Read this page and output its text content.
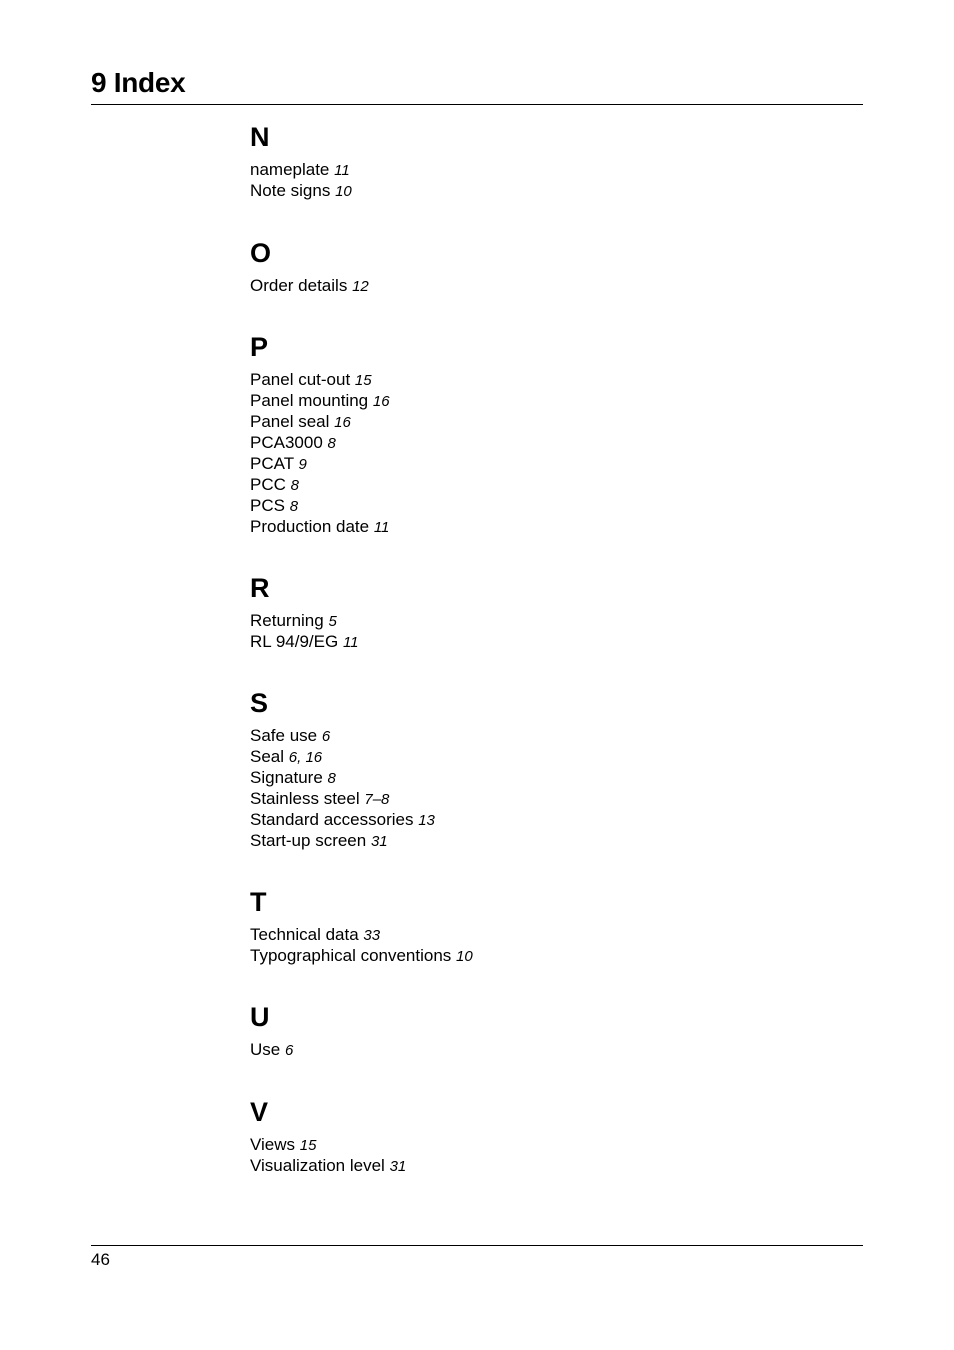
9 Index
N
nameplate 11
Note signs 10
O
Order details 12
P
Panel cut-out 15
Panel mounting 16
Panel seal 16
PCA3000 8
PCAT 9
PCC 8
PCS 8
Production date 11
R
Returning 5
RL 94/9/EG 11
S
Safe use 6
Seal 6, 16
Signature 8
Stainless steel 7–8
Standard accessories 13
Start-up screen 31
T
Technical data 33
Typographical conventions 10
U
Use 6
V
Views 15
Visualization level 31
46
